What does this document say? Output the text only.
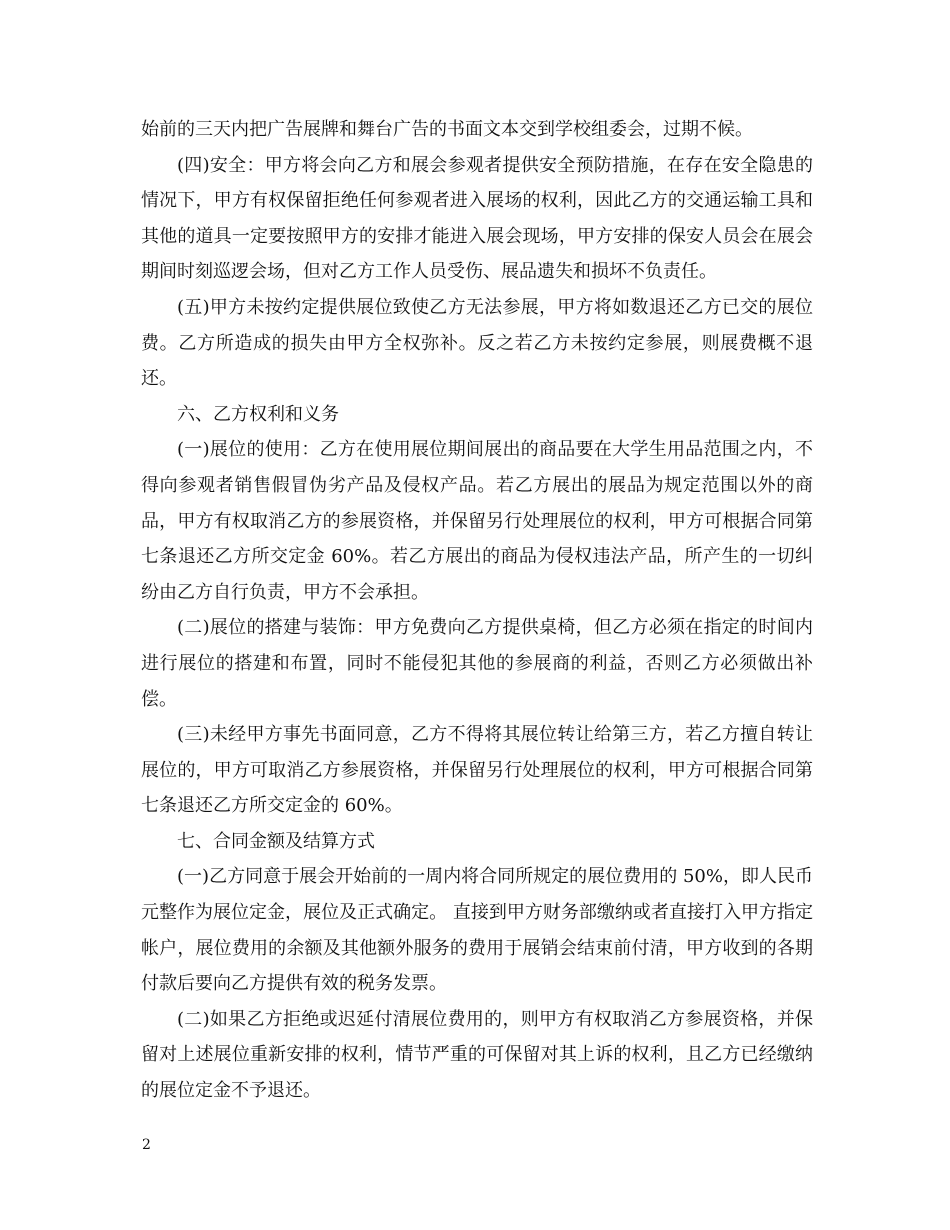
始前的三天内把广告展牌和舞台广告的书面文本交到学校组委会，过期不候。

(四)安全：甲方将会向乙方和展会参观者提供安全预防措施，在存在安全隐患的情况下，甲方有权保留拒绝任何参观者进入展场的权利，因此乙方的交通运输工具和其他的道具一定要按照甲方的安排才能进入展会现场，甲方安排的保安人员会在展会期间时刻巡逻会场，但对乙方工作人员受伤、展品遗失和损坏不负责任。

(五)甲方未按约定提供展位致使乙方无法参展，甲方将如数退还乙方已交的展位费。乙方所造成的损失由甲方全权弥补。反之若乙方未按约定参展，则展费概不退还。

六、乙方权利和义务

(一)展位的使用：乙方在使用展位期间展出的商品要在大学生用品范围之内，不得向参观者销售假冒伪劣产品及侵权产品。若乙方展出的展品为规定范围以外的商品，甲方有权取消乙方的参展资格，并保留另行处理展位的权利，甲方可根据合同第七条退还乙方所交定金 60%。若乙方展出的商品为侵权违法产品，所产生的一切纠纷由乙方自行负责，甲方不会承担。

(二)展位的搭建与装饰：甲方免费向乙方提供桌椅，但乙方必须在指定的时间内进行展位的搭建和布置，同时不能侵犯其他的参展商的利益，否则乙方必须做出补偿。

(三)未经甲方事先书面同意，乙方不得将其展位转让给第三方，若乙方擅自转让展位的，甲方可取消乙方参展资格，并保留另行处理展位的权利，甲方可根据合同第七条退还乙方所交定金的 60%。

七、合同金额及结算方式

(一)乙方同意于展会开始前的一周内将合同所规定的展位费用的 50%，即人民币 元整作为展位定金，展位及正式确定。 直接到甲方财务部缴纳或者直接打入甲方指定帐户，展位费用的余额及其他额外服务的费用于展销会结束前付清，甲方收到的各期付款后要向乙方提供有效的税务发票。

(二)如果乙方拒绝或迟延付清展位费用的，则甲方有权取消乙方参展资格，并保留对上述展位重新安排的权利，情节严重的可保留对其上诉的权利，且乙方已经缴纳的展位定金不予退还。

2
